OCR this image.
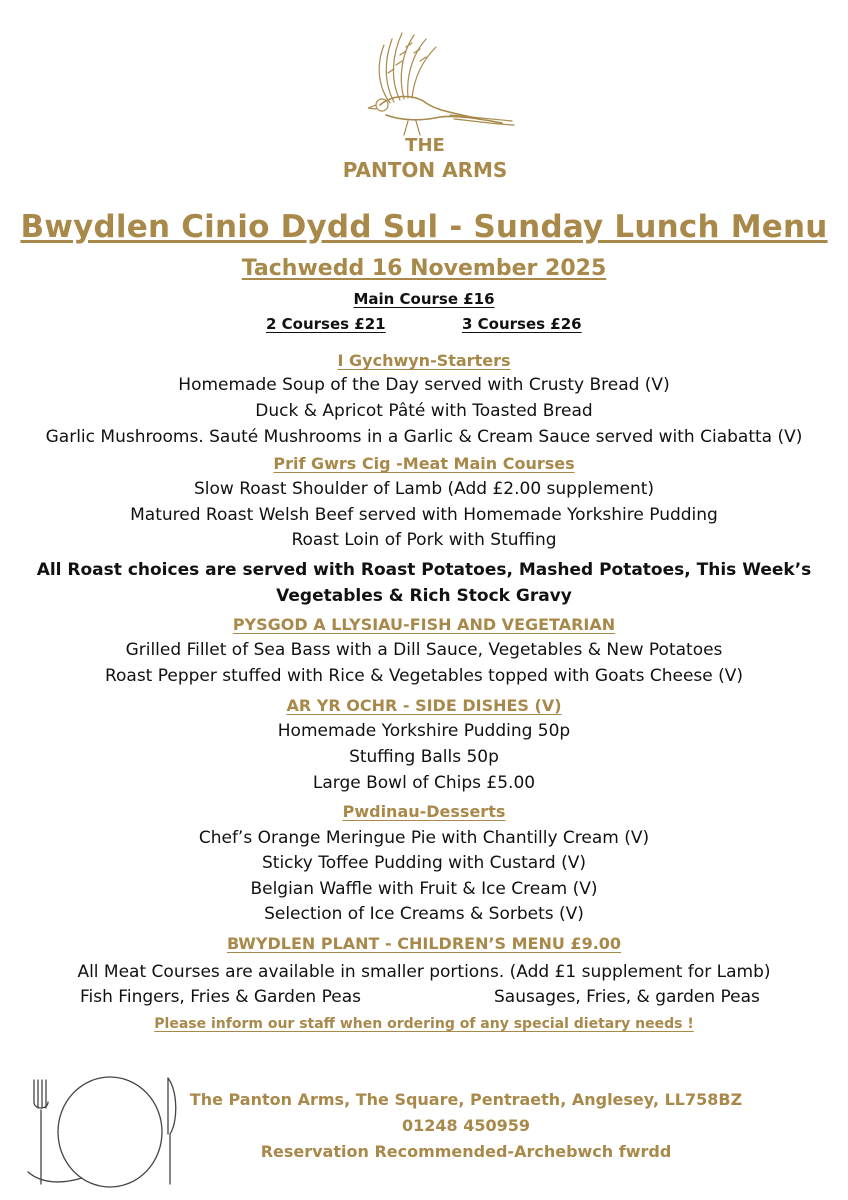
THE
PANTON ARMS
Bwydlen Cinio Dydd Sul - Sunday Lunch Menu
Tachwedd 16 November 2025
Main Course £16
2 Courses £21	3 Courses £26
I Gychwyn-Starters
Homemade Soup of the Day served with Crusty Bread (V)
Duck & Apricot Pâté with Toasted Bread
Garlic Mushrooms. Sauté Mushrooms in a Garlic & Cream Sauce served with Ciabatta (V)
Prif Gwrs Cig -Meat Main Courses
Slow Roast Shoulder of Lamb (Add £2.00 supplement)
Matured Roast Welsh Beef served with Homemade Yorkshire Pudding
Roast Loin of Pork with Stuffing
All Roast choices are served with Roast Potatoes, Mashed Potatoes, This Week’s
Vegetables & Rich Stock Gravy
PYSGOD A LLYSIAU-FISH AND VEGETARIAN
Grilled Fillet of Sea Bass with a Dill Sauce, Vegetables & New Potatoes
Roast Pepper stuffed with Rice & Vegetables topped with Goats Cheese (V)
AR YR OCHR - SIDE DISHES (V)
Homemade Yorkshire Pudding 50p
Stuffing Balls 50p
Large Bowl of Chips £5.00
Pwdinau-Desserts
Chef’s Orange Meringue Pie with Chantilly Cream (V)
Sticky Toffee Pudding with Custard (V)
Belgian Waffle with Fruit & Ice Cream (V)
Selection of Ice Creams & Sorbets (V)
BWYDLEN PLANT - CHILDREN’S MENU £9.00
All Meat Courses are available in smaller portions. (Add £1 supplement for Lamb)
Fish Fingers, Fries & Garden Peas	Sausages, Fries, & garden Peas
Please inform our staff when ordering of any special dietary needs !
The Panton Arms, The Square, Pentraeth, Anglesey, LL758BZ
01248 450959
Reservation Recommended-Archebwch fwrdd
